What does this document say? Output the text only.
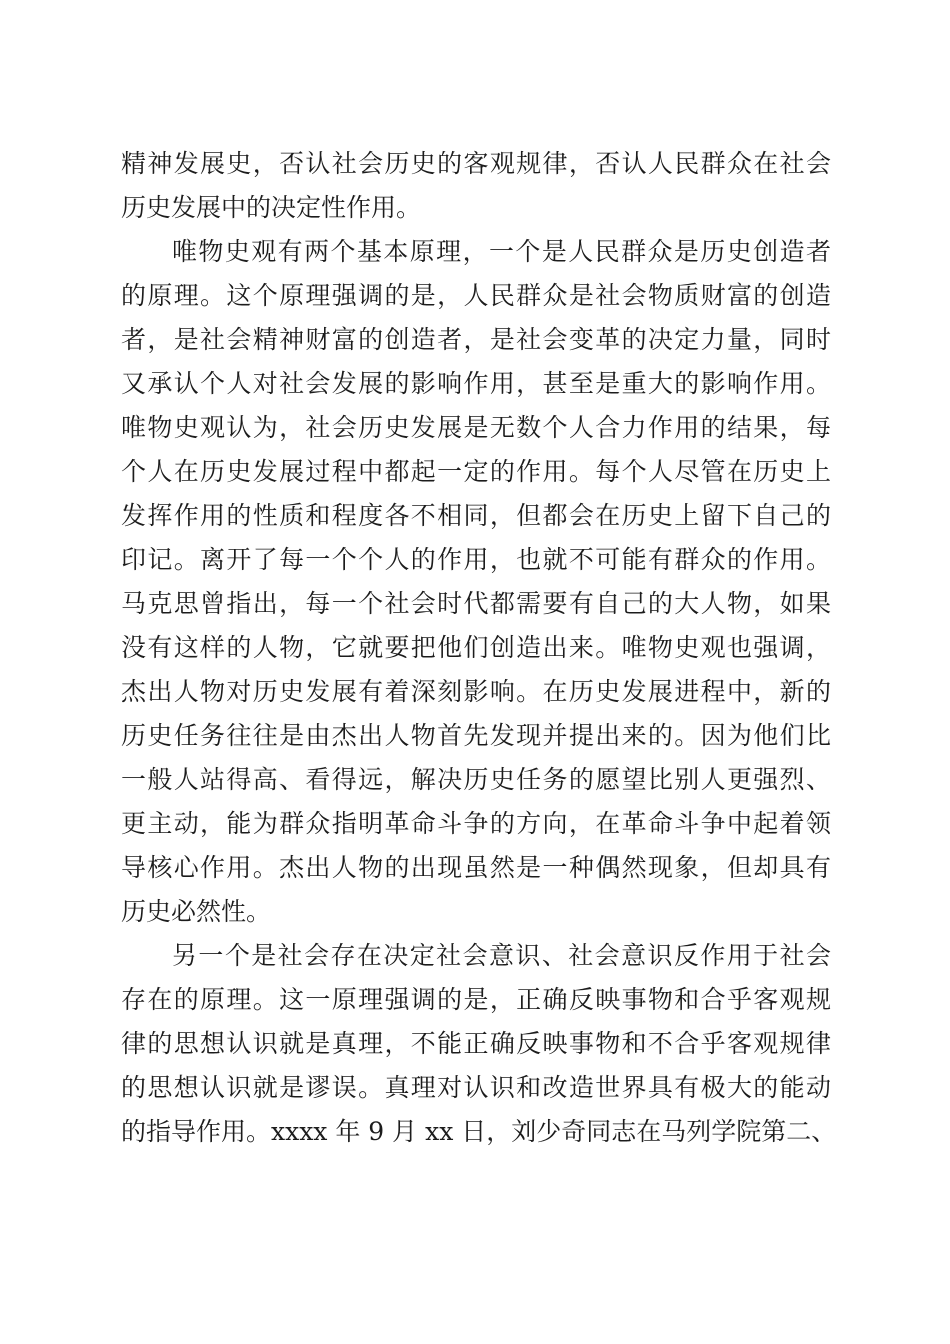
精神发展史，否认社会历史的客观规律，否认人民群众在社会
历史发展中的决定性作用。
唯物史观有两个基本原理，一个是人民群众是历史创造者
的原理。这个原理强调的是，人民群众是社会物质财富的创造
者，是社会精神财富的创造者，是社会变革的决定力量，同时
又承认个人对社会发展的影响作用，甚至是重大的影响作用。
唯物史观认为，社会历史发展是无数个人合力作用的结果，每
个人在历史发展过程中都起一定的作用。每个人尽管在历史上
发挥作用的性质和程度各不相同，但都会在历史上留下自己的
印记。离开了每一个个人的作用，也就不可能有群众的作用。
马克思曾指出，每一个社会时代都需要有自己的大人物，如果
没有这样的人物，它就要把他们创造出来。唯物史观也强调，
杰出人物对历史发展有着深刻影响。在历史发展进程中，新的
历史任务往往是由杰出人物首先发现并提出来的。因为他们比
一般人站得高、看得远，解决历史任务的愿望比别人更强烈、
更主动，能为群众指明革命斗争的方向，在革命斗争中起着领
导核心作用。杰出人物的出现虽然是一种偶然现象，但却具有
历史必然性。
另一个是社会存在决定社会意识、社会意识反作用于社会
存在的原理。这一原理强调的是，正确反映事物和合乎客观规
律的思想认识就是真理，不能正确反映事物和不合乎客观规律
的思想认识就是谬误。真理对认识和改造世界具有极大的能动
的指导作用。xxxx 年 9 月 xx 日，刘少奇同志在马列学院第二、
